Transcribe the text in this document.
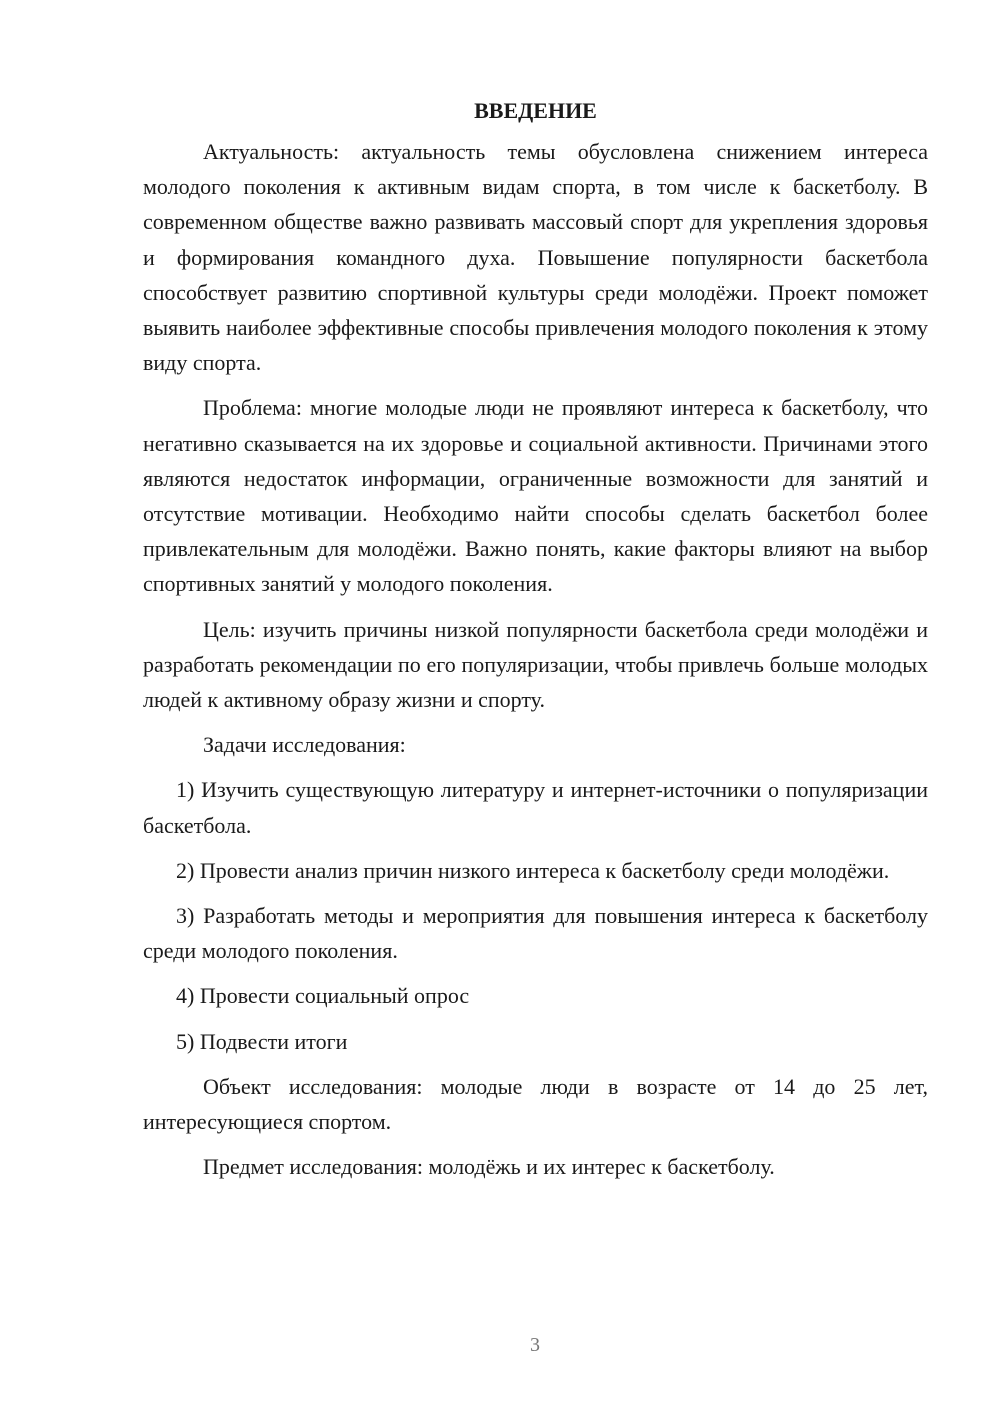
ВВЕДЕНИЕ

Актуальность: актуальность темы обусловлена снижением интереса молодого поколения к активным видам спорта, в том числе к баскетболу. В современном обществе важно развивать массовый спорт для укрепления здоровья и формирования командного духа. Повышение популярности баскетбола способствует развитию спортивной культуры среди молодёжи. Проект поможет выявить наиболее эффективные способы привлечения молодого поколения к этому виду спорта.

Проблема: многие молодые люди не проявляют интереса к баскетболу, что негативно сказывается на их здоровье и социальной активности. Причинами этого являются недостаток информации, ограниченные возможности для занятий и отсутствие мотивации. Необходимо найти способы сделать баскетбол более привлекательным для молодёжи. Важно понять, какие факторы влияют на выбор спортивных занятий у молодого поколения.

Цель: изучить причины низкой популярности баскетбола среди молодёжи и разработать рекомендации по его популяризации, чтобы привлечь больше молодых людей к активному образу жизни и спорту.

Задачи исследования:

1) Изучить существующую литературу и интернет-источники о популяризации баскетбола.

2) Провести анализ причин низкого интереса к баскетболу среди молодёжи.

3) Разработать методы и мероприятия для повышения интереса к баскетболу среди молодого поколения.

4) Провести социальный опрос

5) Подвести итоги

Объект исследования: молодые люди в возрасте от 14 до 25 лет, интересующиеся спортом.

Предмет исследования: молодёжь и их интерес к баскетболу.

3
